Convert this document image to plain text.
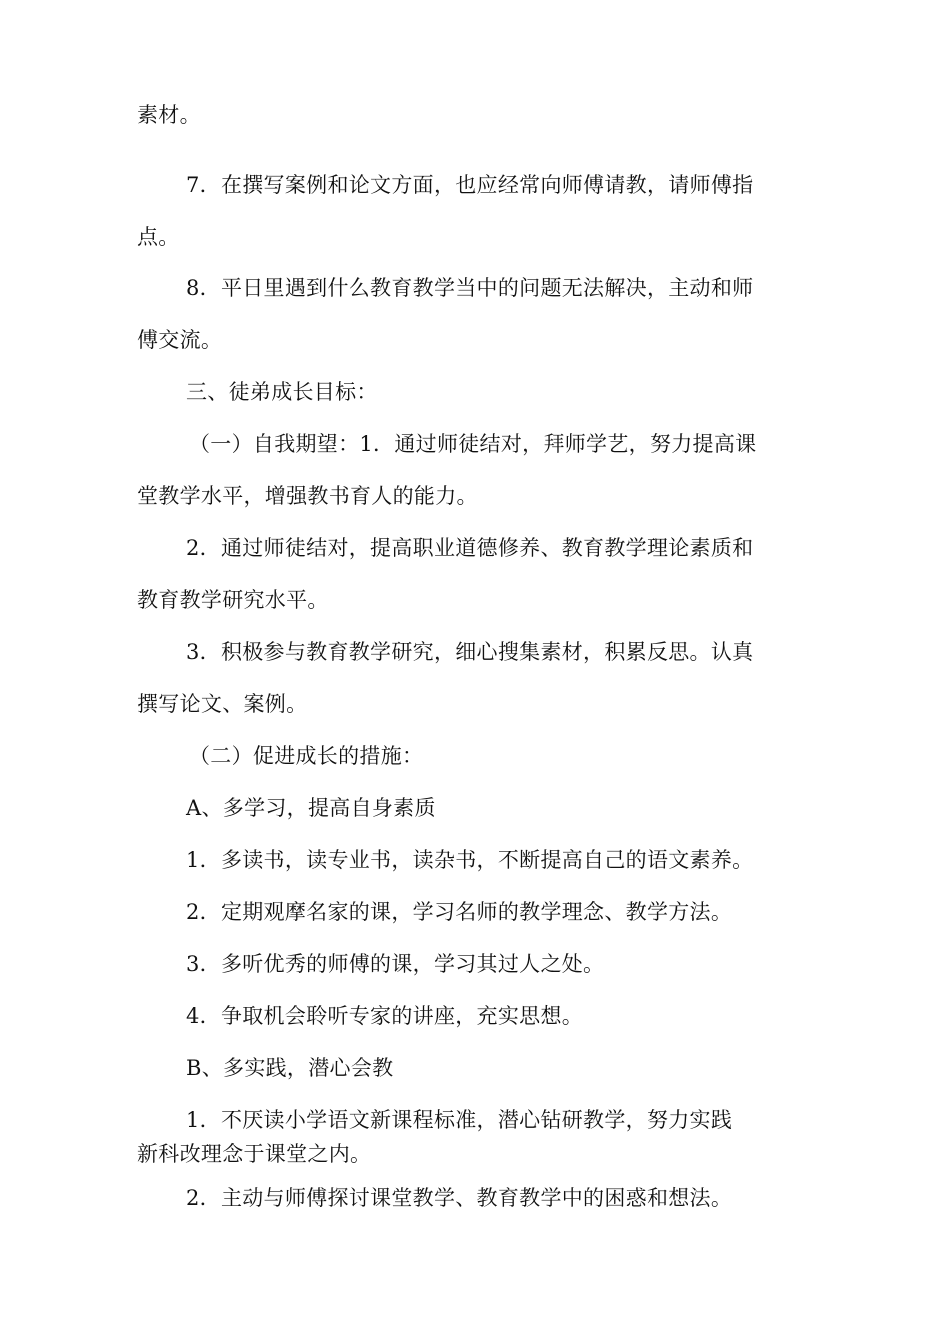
素材。
7．在撰写案例和论文方面，也应经常向师傅请教，请师傅指
点。
8．平日里遇到什么教育教学当中的问题无法解决，主动和师
傅交流。
三、徒弟成长目标：
（一）自我期望：1．通过师徒结对，拜师学艺，努力提高课
堂教学水平，增强教书育人的能力。
2．通过师徒结对，提高职业道德修养、教育教学理论素质和
教育教学研究水平。
3．积极参与教育教学研究，细心搜集素材，积累反思。认真
撰写论文、案例。
（二）促进成长的措施：
A、多学习，提高自身素质
1．多读书，读专业书，读杂书，不断提高自己的语文素养。
2．定期观摩名家的课，学习名师的教学理念、教学方法。
3．多听优秀的师傅的课，学习其过人之处。
4．争取机会聆听专家的讲座，充实思想。
B、多实践，潜心会教
1．不厌读小学语文新课程标准，潜心钻研教学，努力实践
新科改理念于课堂之内。
2．主动与师傅探讨课堂教学、教育教学中的困惑和想法。
